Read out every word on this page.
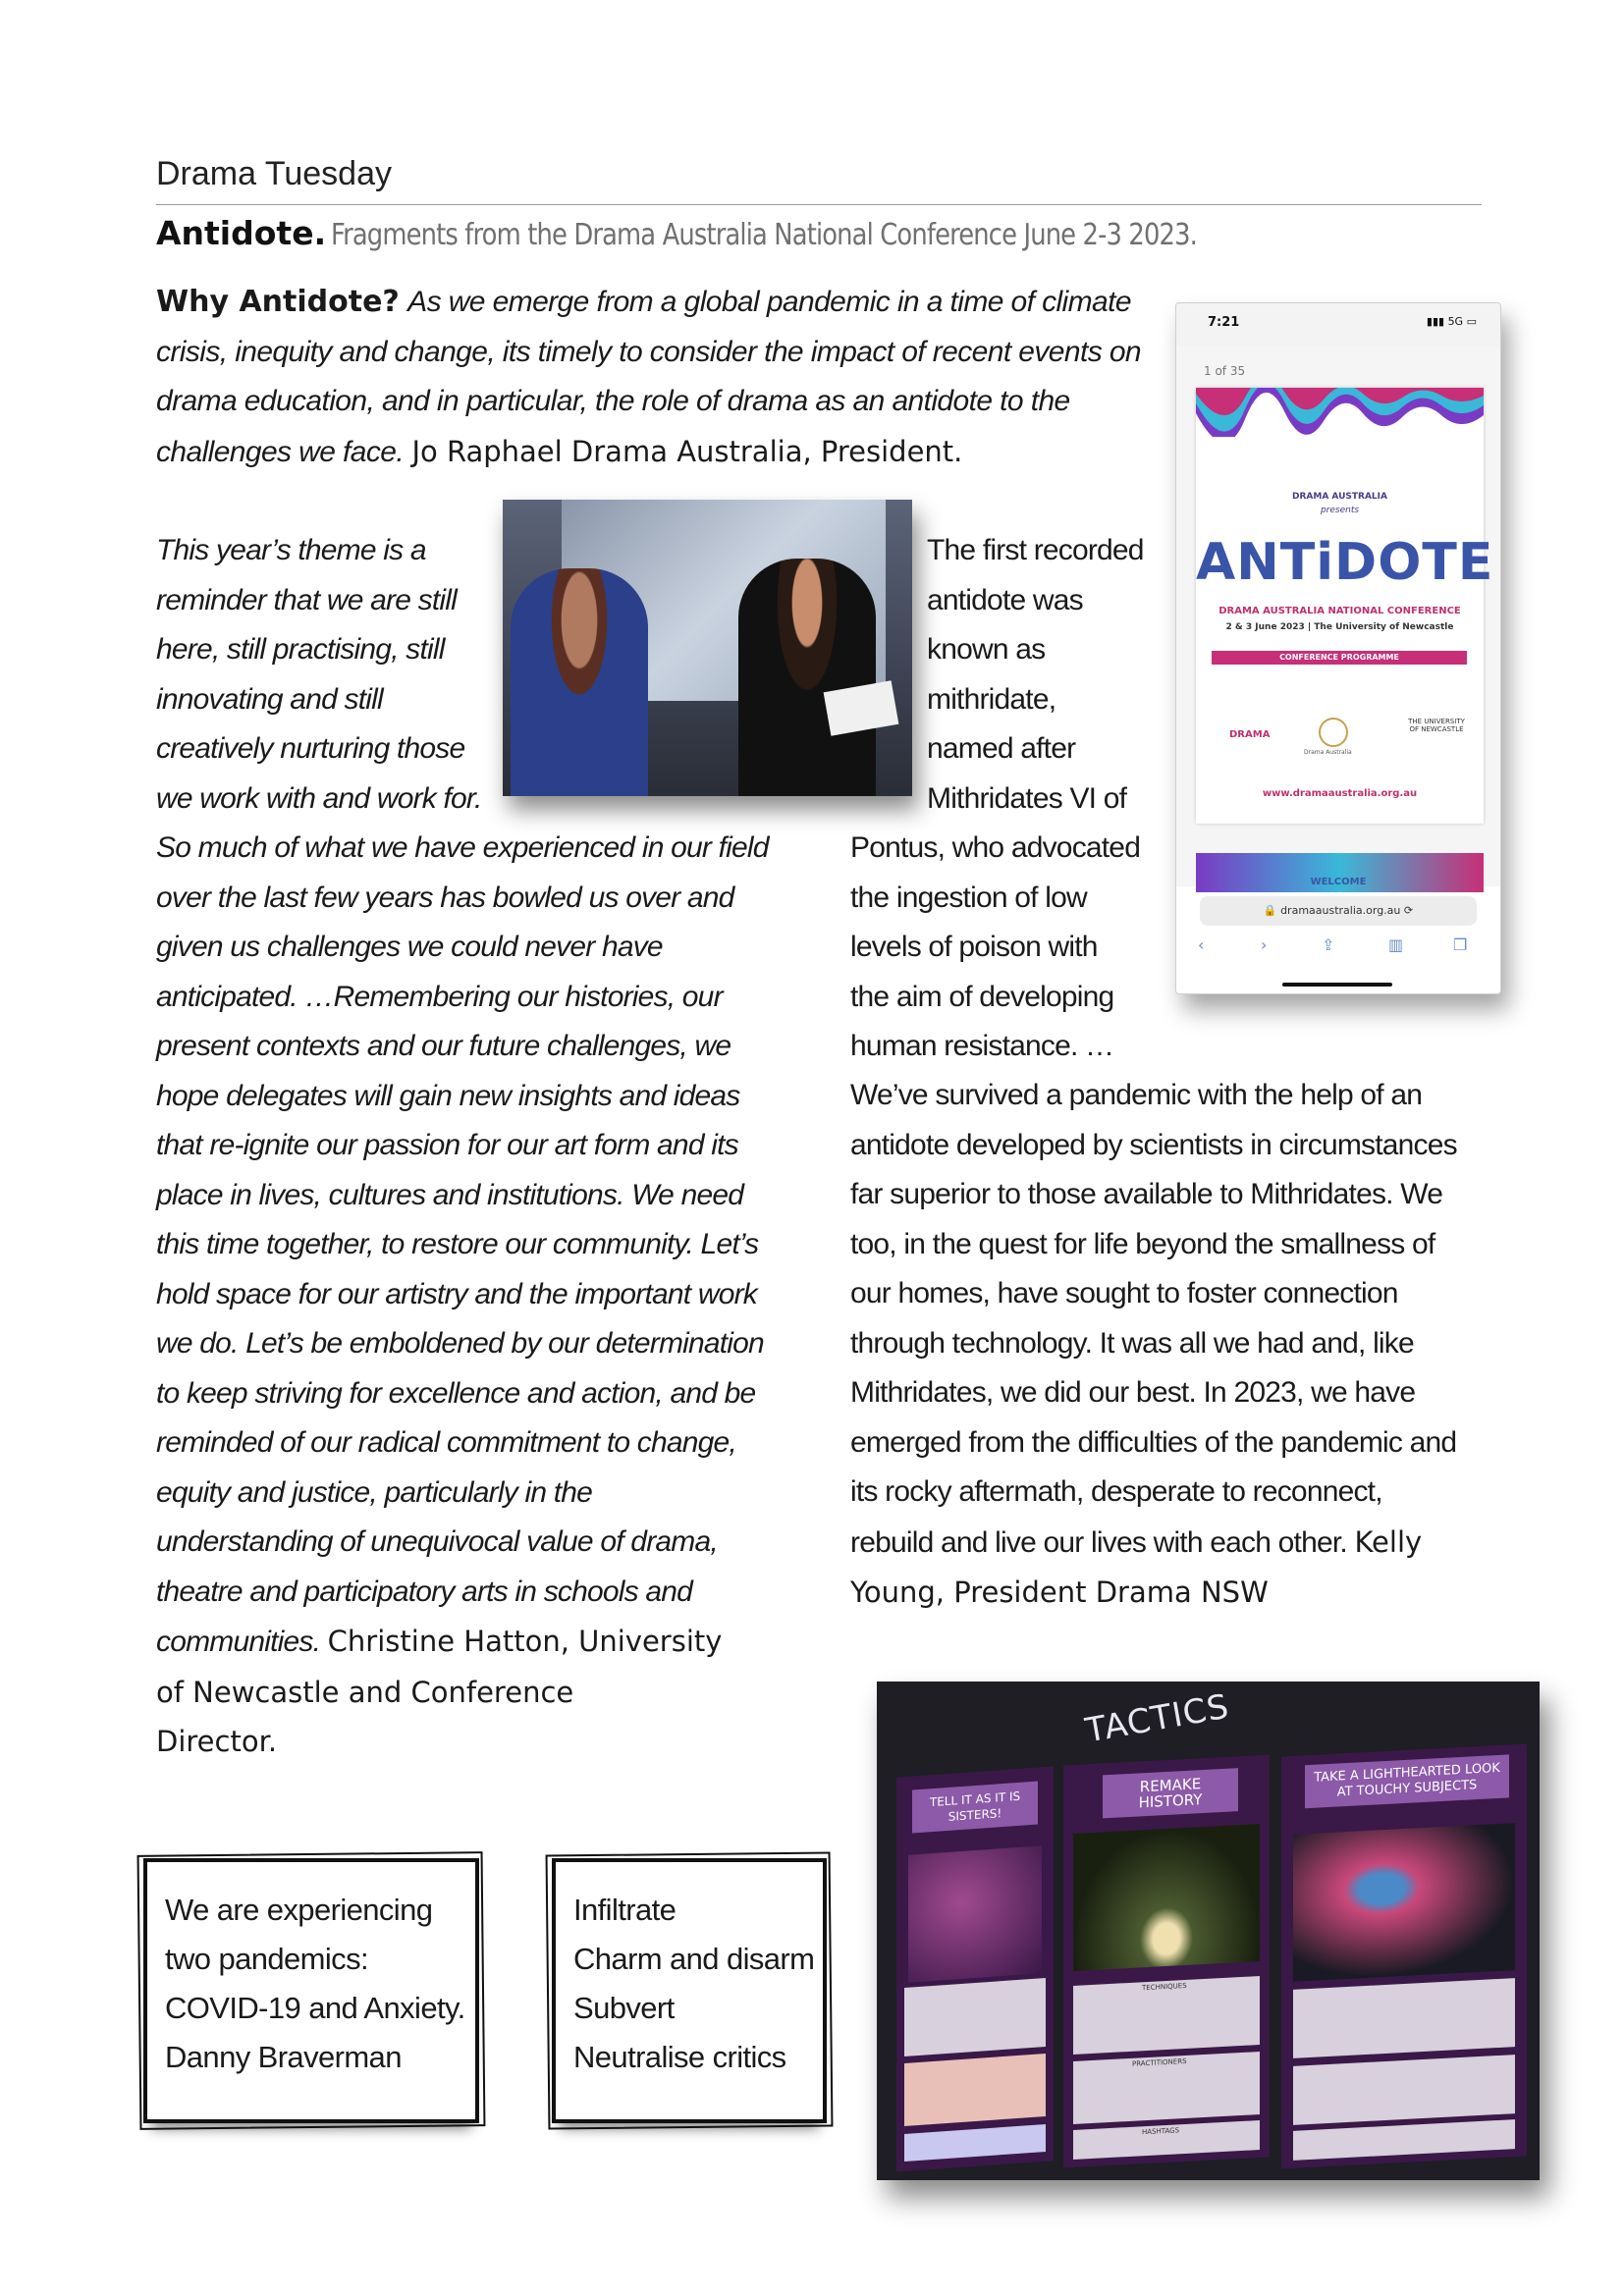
Drama Tuesday
Antidote. Fragments from the Drama Australia National Conference June 2-3 2023.
Why Antidote? As we emerge from a global pandemic in a time of climate
crisis, inequity and change, its timely to consider the impact of recent events on
drama education, and in particular, the role of drama as an antidote to the
challenges we face. Jo Raphael Drama Australia, President.
This year’s theme is a
reminder that we are still
here, still practising, still
innovating and still
creatively nurturing those
we work with and work for.
So much of what we have experienced in our field
over the last few years has bowled us over and
given us challenges we could never have
anticipated. …Remembering our histories, our
present contexts and our future challenges, we
hope delegates will gain new insights and ideas
that re-ignite our passion for our art form and its
place in lives, cultures and institutions. We need
this time together, to restore our community. Let’s
hold space for our artistry and the important work
we do. Let’s be emboldened by our determination
to keep striving for excellence and action, and be
reminded of our radical commitment to change,
equity and justice, particularly in the
understanding of unequivocal value of drama,
theatre and participatory arts in schools and
communities. Christine Hatton, University
of Newcastle and Conference
Director.
The first recorded
antidote was
known as
mithridate,
named after
Mithridates VI of
Pontus, who advocated
the ingestion of low
levels of poison with
the aim of developing
human resistance. …
We’ve survived a pandemic with the help of an
antidote developed by scientists in circumstances
far superior to those available to Mithridates. We
too, in the quest for life beyond the smallness of
our homes, have sought to foster connection
through technology. It was all we had and, like
Mithridates, we did our best. In 2023, we have
emerged from the difficulties of the pandemic and
its rocky aftermath, desperate to reconnect,
rebuild and live our lives with each other. Kelly
Young, President Drama NSW
7:21	▮▮▮ 5G ▭
1 of 35
DRAMA AUSTRALIA
presents
ANTiDOTE
DRAMA AUSTRALIA NATIONAL CONFERENCE
2 & 3 June 2023 | The University of Newcastle
CONFERENCE PROGRAMME
DRAMA
Drama Australia
THE UNIVERSITY OF NEWCASTLE
www.dramaaustralia.org.au
WELCOME
🔒 dramaaustralia.org.au ⟳
‹	›	⇪	▥	❐
TACTICS
TELL IT AS IT IS SISTERS!
REMAKE HISTORY
TECHNIQUES
PRACTITIONERS
HASHTAGS
TAKE A LIGHTHEARTED LOOK AT TOUCHY SUBJECTS
We are experiencing
two pandemics:
COVID-19 and Anxiety.
Danny Braverman
Infiltrate
Charm and disarm
Subvert
Neutralise critics
